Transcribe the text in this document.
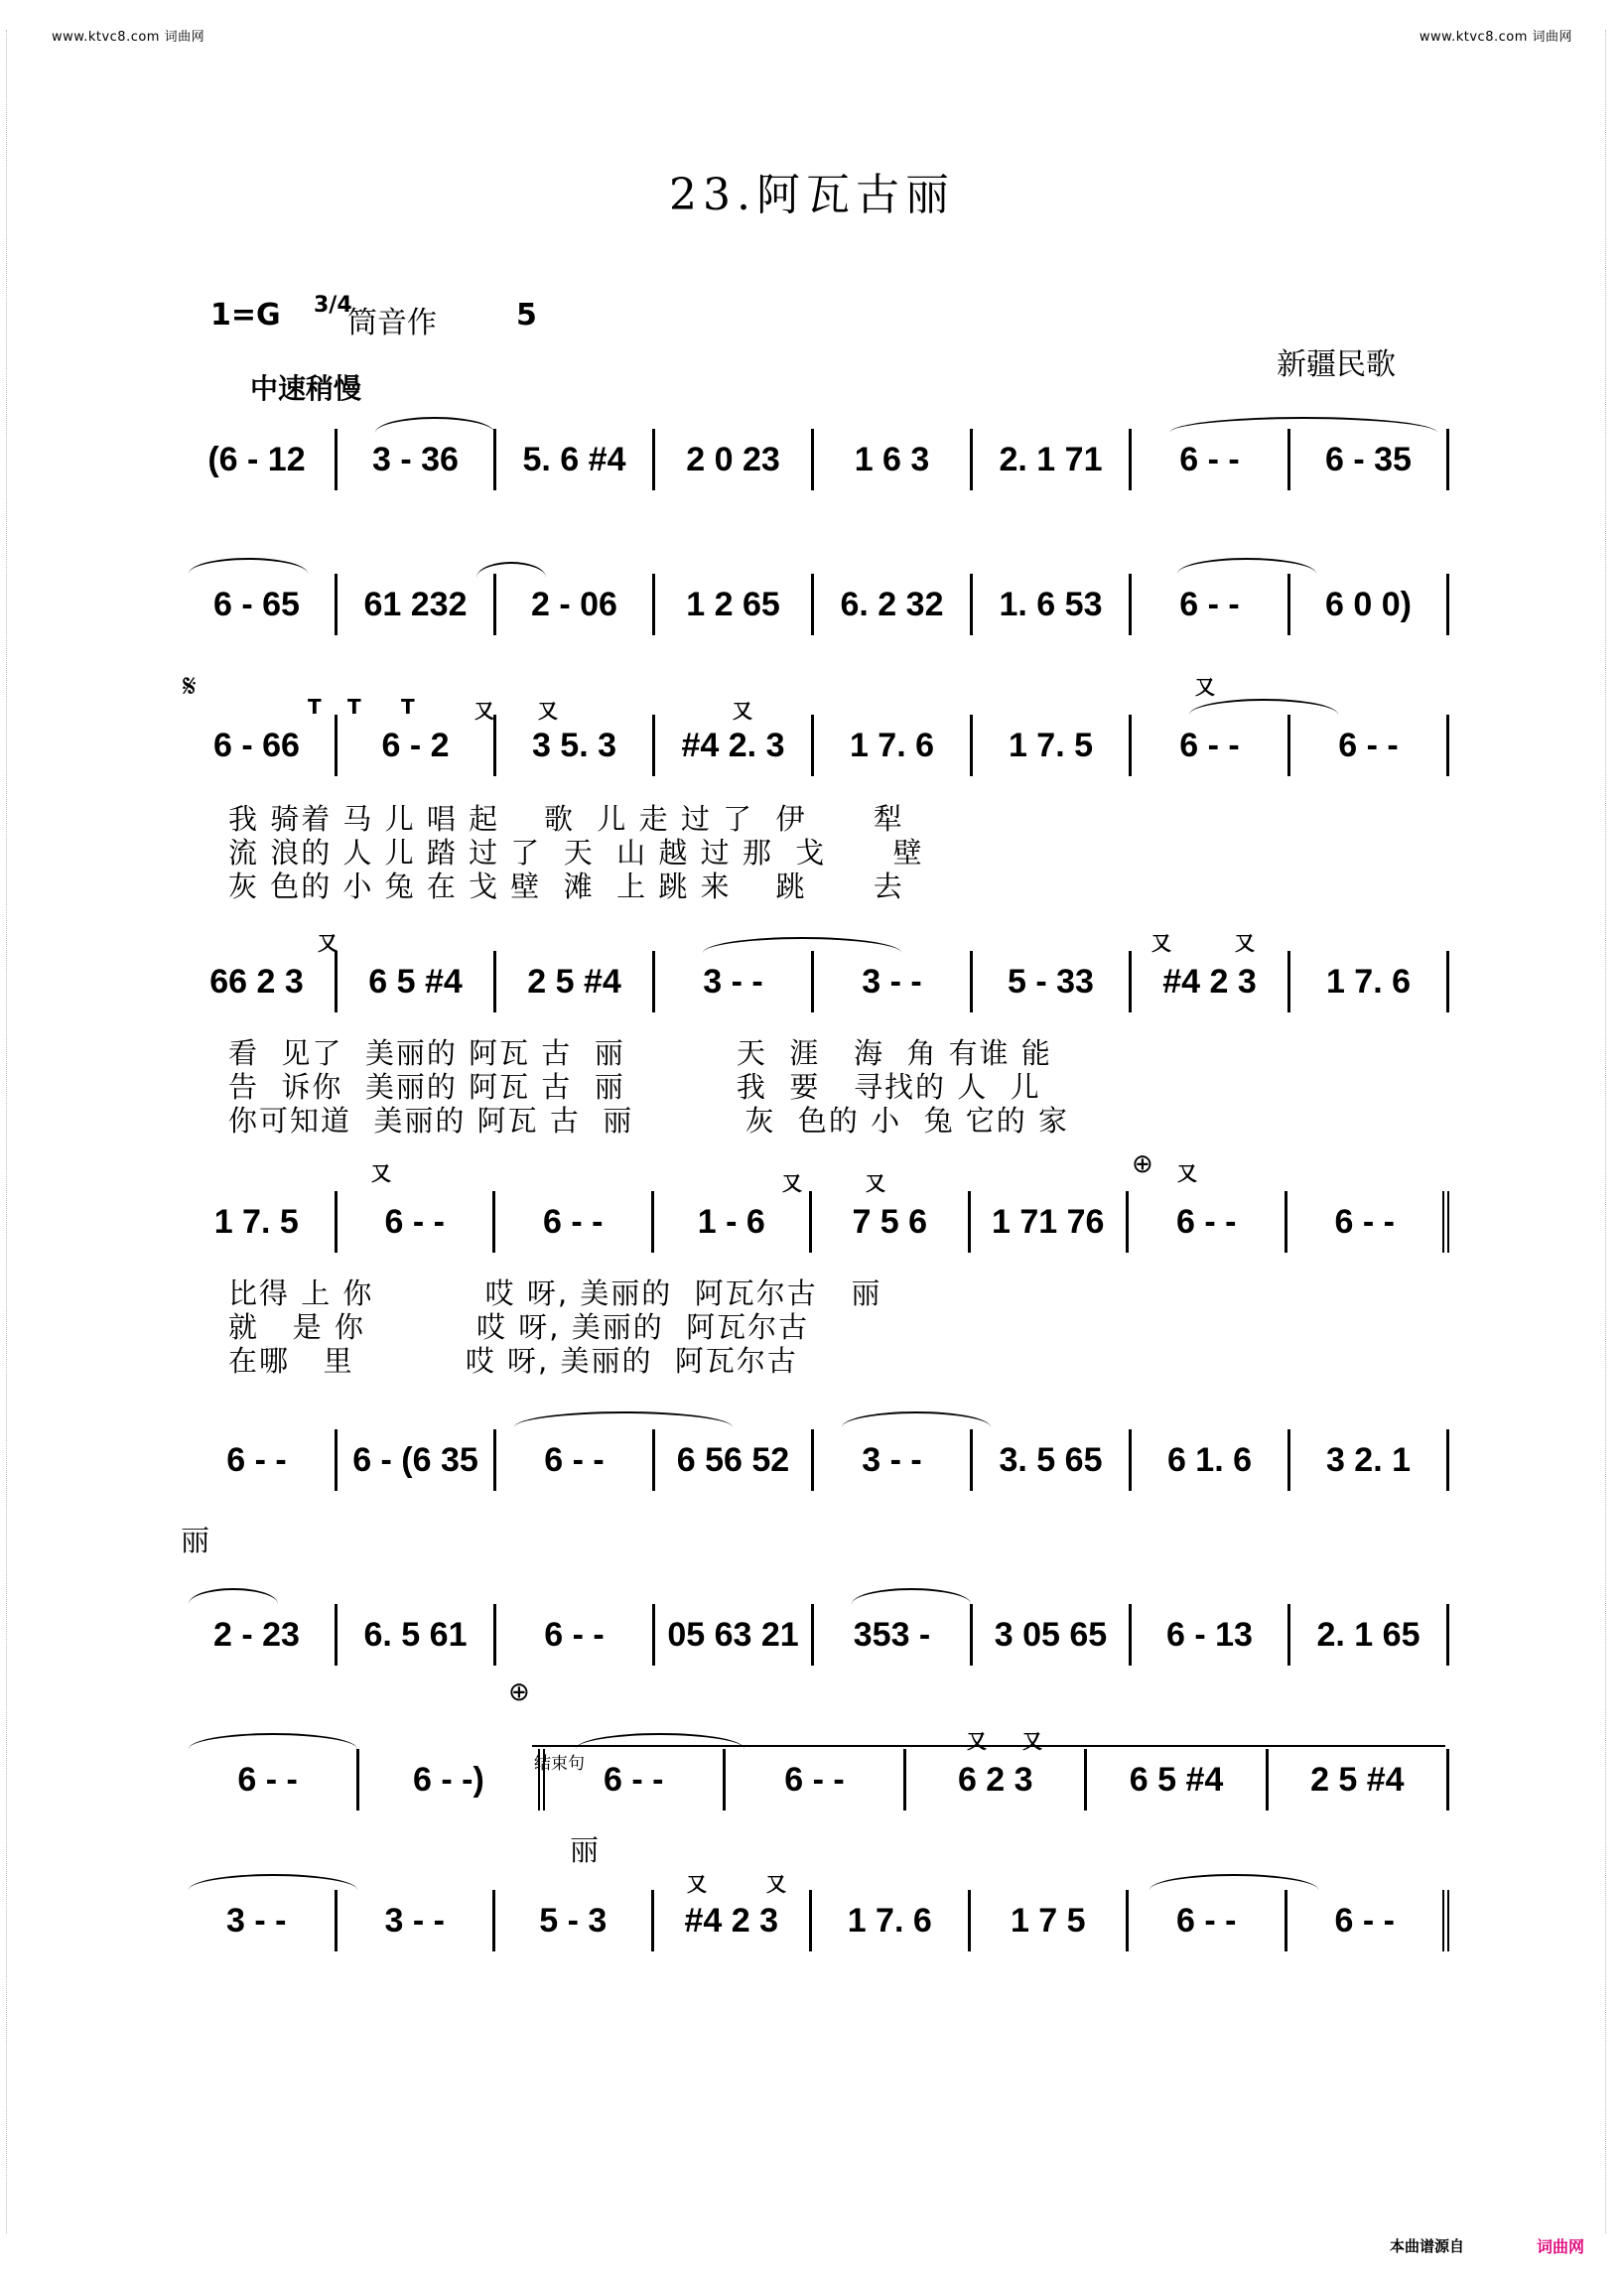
www.ktvc8.com 词曲网	www.ktvc8.com 词曲网
23.阿瓦古丽
1=G 3/4
筒音作	5
中速稍慢
新疆民歌
(6 - 12	3 - 36	5. 6 #4	2 0 23	1 6 3	2. 1 71	6 - -	6 - 35
6 - 65	61 232	2 - 06	1 2 65	6. 2 32	1. 6 53	6 - -	6 0 0)
𝄋
T T T	又 又	又
又
6 - 66	6 - 2	3 5. 3	#4 2. 3	1 7. 6	1 7. 5	6 - -	6 - -
我 骑着 马 儿 唱 起    歌  儿 走 过 了  伊      犁
流 浪的 人 儿 踏 过 了  天  山 越 过 那  戈      壁
灰 色的 小 兔 在 戈 壁  滩  上 跳 来    跳      去
又	又	又
66 2 3	6 5 #4	2 5 #4	3 - -	3 - -	5 - 33	#4 2 3	1 7. 6
看  见了  美丽的 阿瓦 古  丽          天  涯   海  角 有谁 能
告  诉你  美丽的 阿瓦 古  丽          我  要   寻找的 人  儿
你可知道  美丽的 阿瓦 古  丽          灰  色的 小  兔 它的 家
又	又	又
⊕ 又
1 7. 5	6 - -	6 - -	1 - 6	7 5 6	1 71 76	6 - -	6 - -
比得 上 你          哎 呀, 美丽的  阿瓦尔古   丽
就   是 你          哎 呀, 美丽的  阿瓦尔古
在哪   里          哎 呀, 美丽的  阿瓦尔古
6 - -	6 - (6 35	6 - -	6 56 52	3 - -	3. 5 65	6 1. 6	3 2. 1
丽
2 - 23	6. 5 61	6 - -	05 63 21	353 -	3 05 65	6 - 13	2. 1 65
⊕
结束句
又 又
6 - -	6 - -)	6 - -	6 - -	6 2 3	6 5 #4	2 5 #4
丽
又	又
3 - -	3 - -	5 - 3	#4 2 3	1 7. 6	1 7 5	6 - -	6 - -
本曲谱源自	词曲网
